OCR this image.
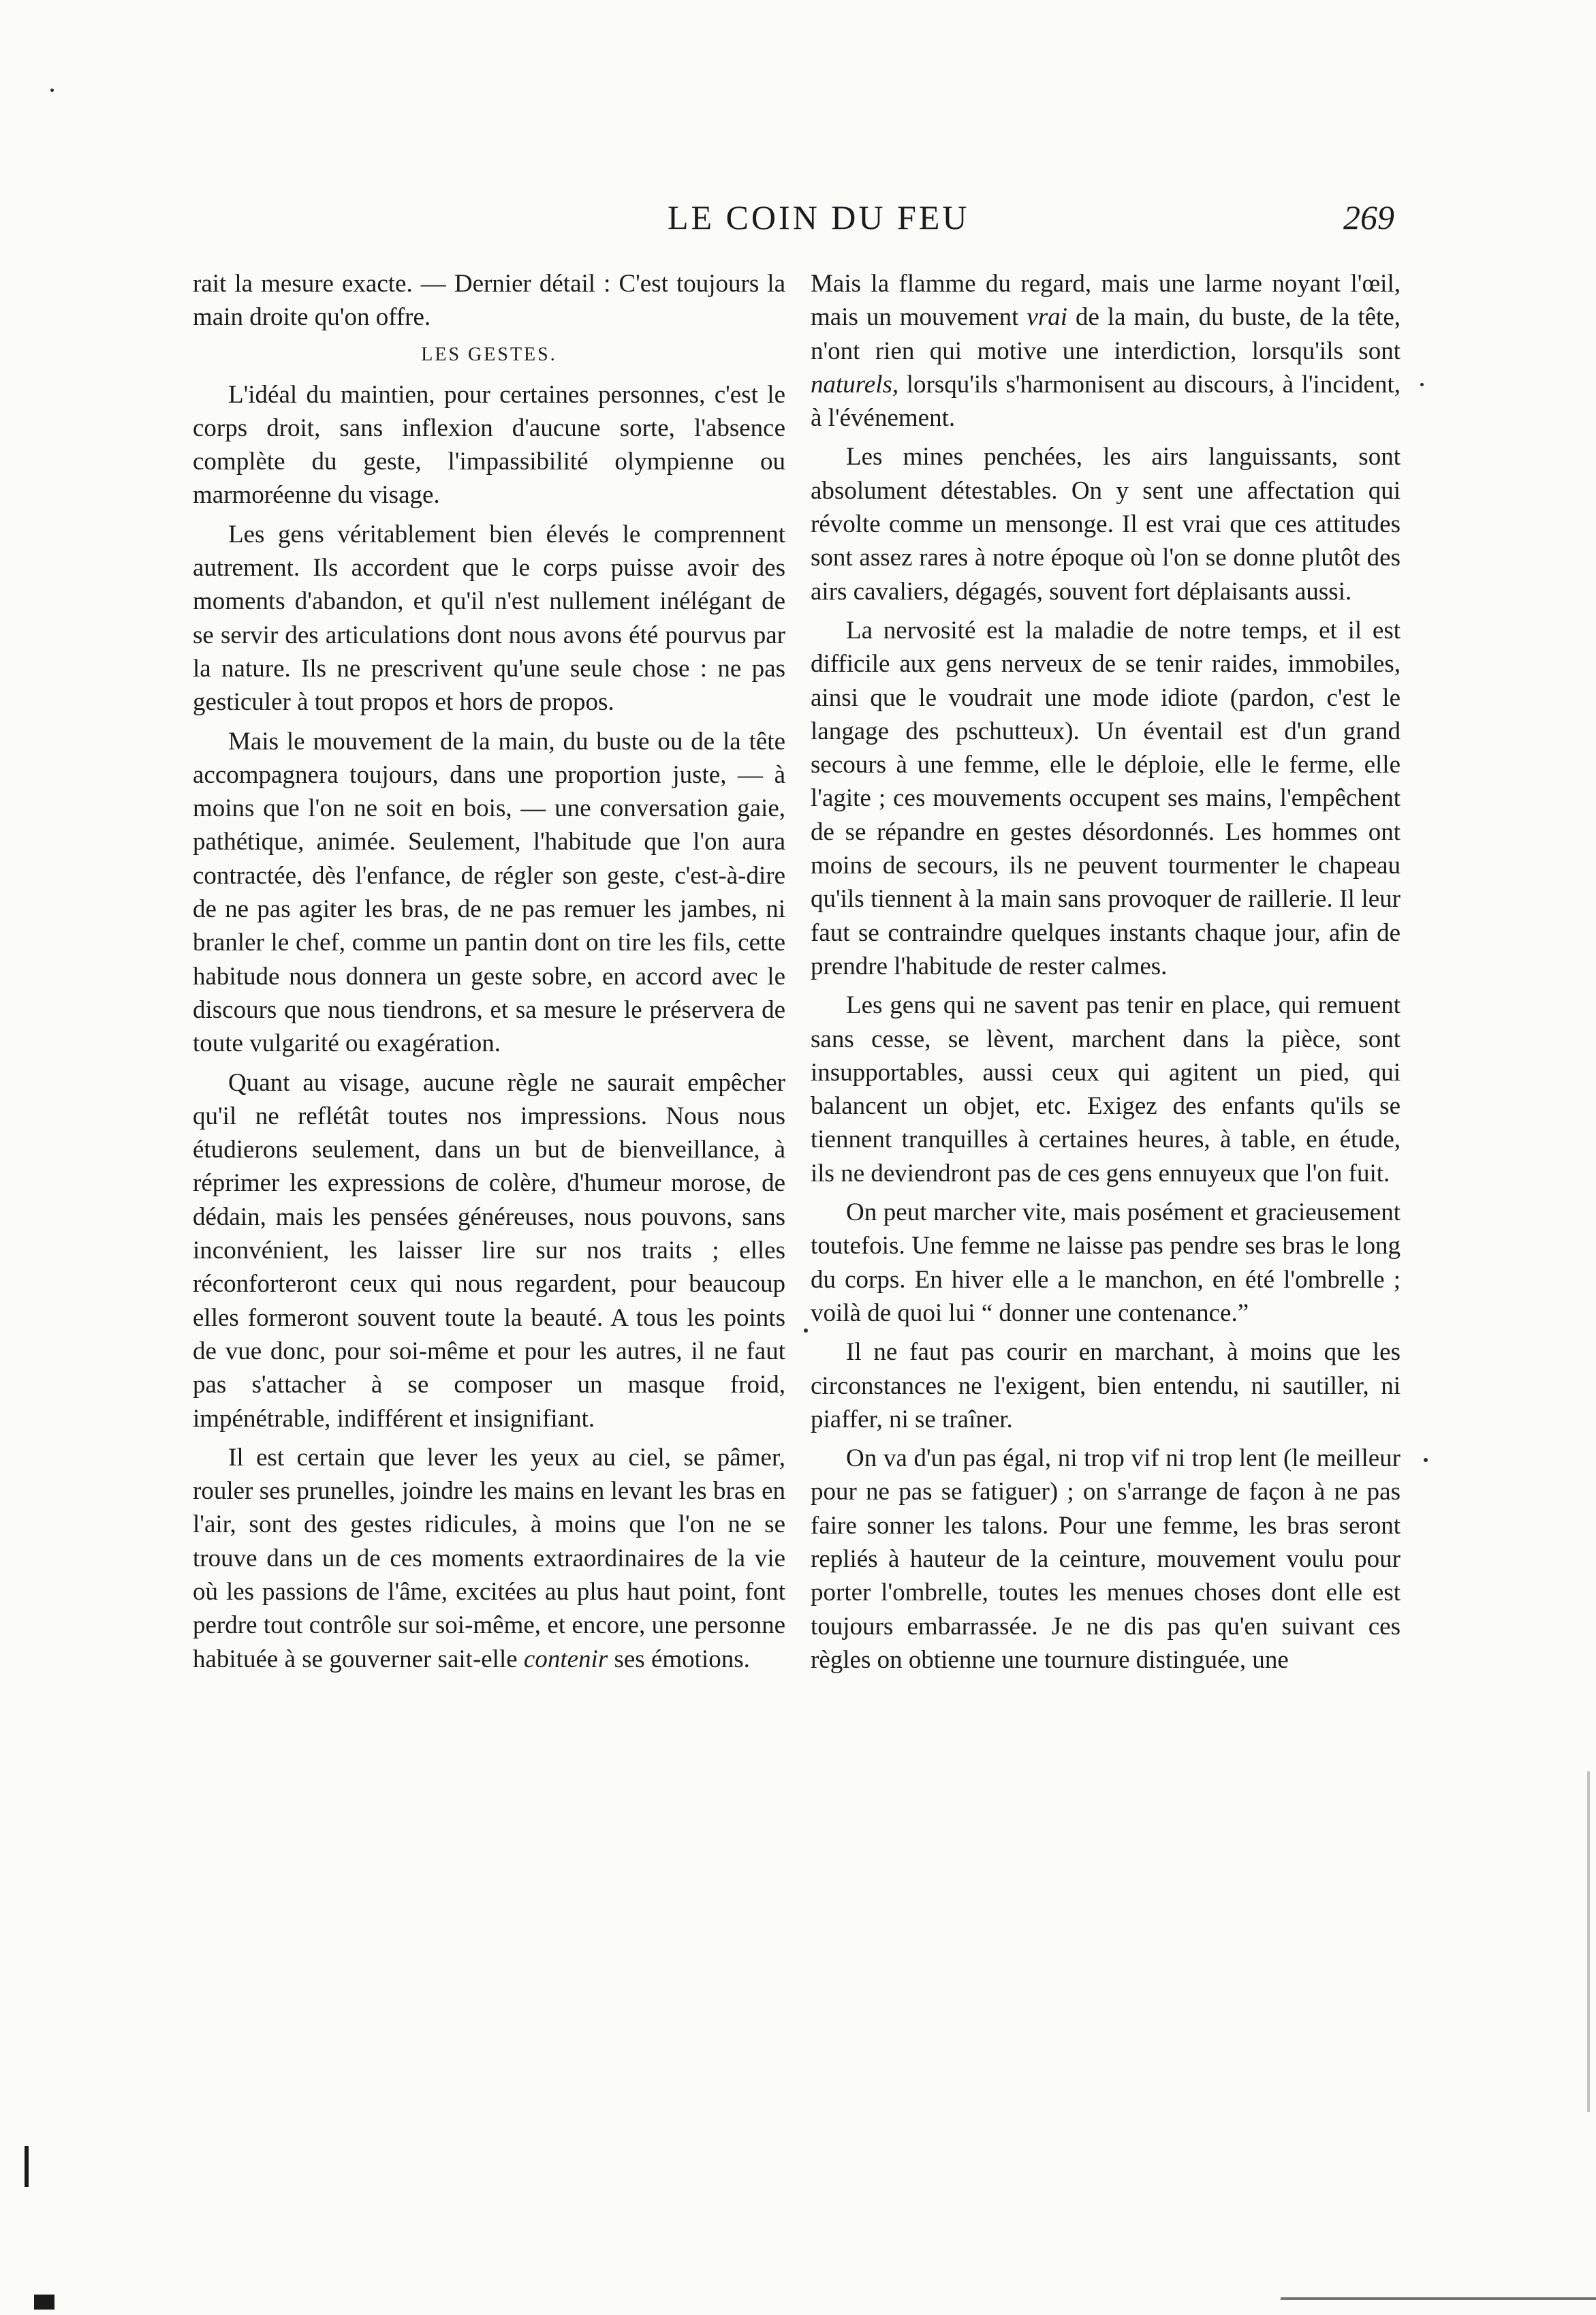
LE COIN DU FEU	269

rait la mesure exacte. — Dernier détail : C'est toujours la main droite qu'on offre.

LES GESTES.

L'idéal du maintien, pour certaines personnes, c'est le corps droit, sans inflexion d'aucune sorte, l'absence complète du geste, l'impassibilité olympienne ou marmoréenne du visage.

Les gens véritablement bien élevés le comprennent autrement. Ils accordent que le corps puisse avoir des moments d'abandon, et qu'il n'est nullement inélégant de se servir des articulations dont nous avons été pourvus par la nature. Ils ne prescrivent qu'une seule chose : ne pas gesticuler à tout propos et hors de propos.

Mais le mouvement de la main, du buste ou de la tête accompagnera toujours, dans une proportion juste, — à moins que l'on ne soit en bois, — une conversation gaie, pathétique, animée. Seulement, l'habitude que l'on aura contractée, dès l'enfance, de régler son geste, c'est-à-dire de ne pas agiter les bras, de ne pas remuer les jambes, ni branler le chef, comme un pantin dont on tire les fils, cette habitude nous donnera un geste sobre, en accord avec le discours que nous tiendrons, et sa mesure le préservera de toute vulgarité ou exagération.

Quant au visage, aucune règle ne saurait empêcher qu'il ne reflétât toutes nos impressions. Nous nous étudierons seulement, dans un but de bienveillance, à réprimer les expressions de colère, d'humeur morose, de dédain, mais les pensées généreuses, nous pouvons, sans inconvénient, les laisser lire sur nos traits ; elles réconforteront ceux qui nous regardent, pour beaucoup elles formeront souvent toute la beauté. A tous les points de vue donc, pour soi-même et pour les autres, il ne faut pas s'attacher à se composer un masque froid, impénétrable, indifférent et insignifiant.

Il est certain que lever les yeux au ciel, se pâmer, rouler ses prunelles, joindre les mains en levant les bras en l'air, sont des gestes ridicules, à moins que l'on ne se trouve dans un de ces moments extraordinaires de la vie où les passions de l'âme, excitées au plus haut point, font perdre tout contrôle sur soi-même, et encore, une personne habituée à se gouverner sait-elle contenir ses émotions.

Mais la flamme du regard, mais une larme noyant l'œil, mais un mouvement vrai de la main, du buste, de la tête, n'ont rien qui motive une interdiction, lorsqu'ils sont naturels, lorsqu'ils s'harmonisent au discours, à l'incident, à l'événement.

Les mines penchées, les airs languissants, sont absolument détestables. On y sent une affectation qui révolte comme un mensonge. Il est vrai que ces attitudes sont assez rares à notre époque où l'on se donne plutôt des airs cavaliers, dégagés, souvent fort déplaisants aussi.

La nervosité est la maladie de notre temps, et il est difficile aux gens nerveux de se tenir raides, immobiles, ainsi que le voudrait une mode idiote (pardon, c'est le langage des pschutteux). Un éventail est d'un grand secours à une femme, elle le déploie, elle le ferme, elle l'agite ; ces mouvements occupent ses mains, l'empêchent de se répandre en gestes désordonnés. Les hommes ont moins de secours, ils ne peuvent tourmenter le chapeau qu'ils tiennent à la main sans provoquer de raillerie. Il leur faut se contraindre quelques instants chaque jour, afin de prendre l'habitude de rester calmes.

Les gens qui ne savent pas tenir en place, qui remuent sans cesse, se lèvent, marchent dans la pièce, sont insupportables, aussi ceux qui agitent un pied, qui balancent un objet, etc. Exigez des enfants qu'ils se tiennent tranquilles à certaines heures, à table, en étude, ils ne deviendront pas de ces gens ennuyeux que l'on fuit.

On peut marcher vite, mais posément et gracieusement toutefois. Une femme ne laisse pas pendre ses bras le long du corps. En hiver elle a le manchon, en été l'ombrelle ; voilà de quoi lui “ donner une contenance.”

Il ne faut pas courir en marchant, à moins que les circonstances ne l'exigent, bien entendu, ni sautiller, ni piaffer, ni se traîner.

On va d'un pas égal, ni trop vif ni trop lent (le meilleur pour ne pas se fatiguer) ; on s'arrange de façon à ne pas faire sonner les talons. Pour une femme, les bras seront repliés à hauteur de la ceinture, mouvement voulu pour porter l'ombrelle, toutes les menues choses dont elle est toujours embarrassée. Je ne dis pas qu'en suivant ces règles on obtienne une tournure distinguée, une
